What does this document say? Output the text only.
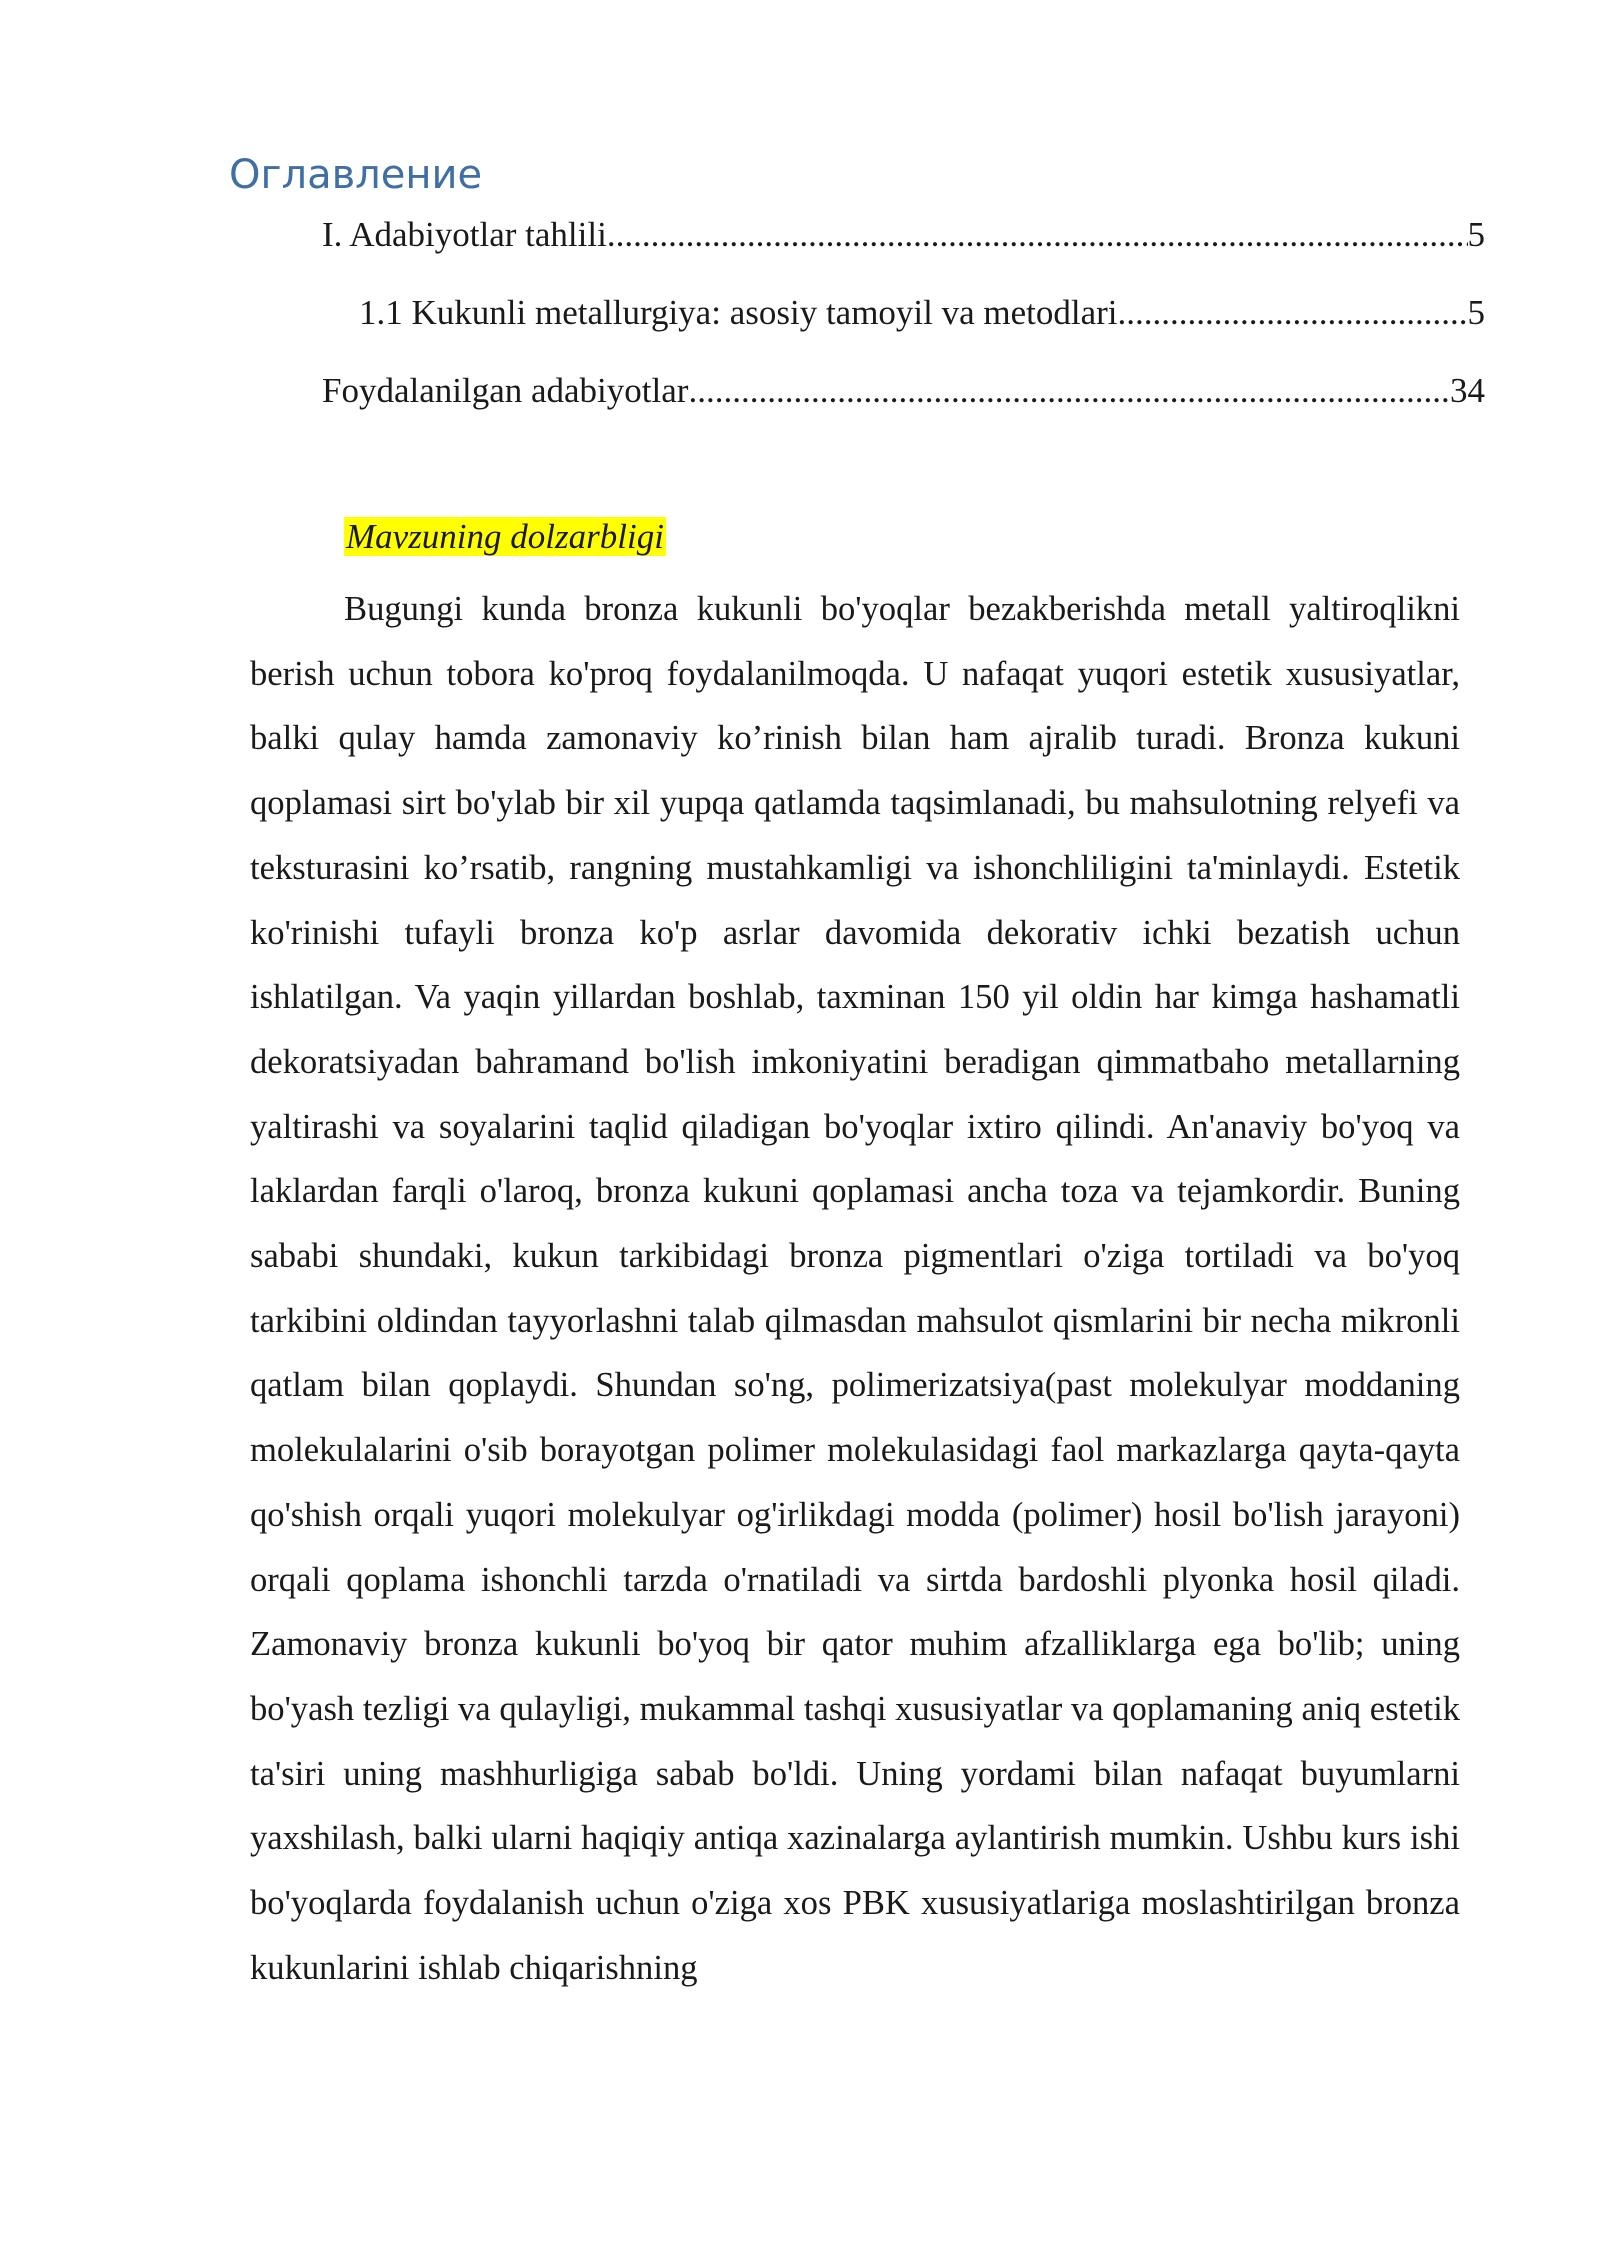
Оглавление
I. Adabiyotlar tahlili .....	5
1.1 Kukunli metallurgiya: asosiy tamoyil va metodlari .....	5
Foydalanilgan adabiyotlar .....	34
Mavzuning dolzarbligi

Bugungi kunda bronza kukunli bo'yoqlar bezakberishda metall yaltiroqlikni berish uchun tobora ko'proq foydalanilmoqda. U nafaqat yuqori estetik xususiyatlar, balki qulay hamda zamonaviy ko’rinish bilan ham ajralib turadi. Bronza kukuni qoplamasi sirt bo'ylab bir xil yupqa qatlamda taqsimlanadi, bu mahsulotning relyefi va teksturasini ko’rsatib, rangning mustahkamligi va ishonchliligini ta'minlaydi. Estetik ko'rinishi tufayli bronza ko'p asrlar davomida dekorativ ichki bezatish uchun ishlatilgan. Va yaqin yillardan boshlab, taxminan 150 yil oldin har kimga hashamatli dekoratsiyadan bahramand bo'lish imkoniyatini beradigan qimmatbaho metallarning yaltirashi va soyalarini taqlid qiladigan bo'yoqlar ixtiro qilindi. An'anaviy bo'yoq va laklardan farqli o'laroq, bronza kukuni qoplamasi ancha toza va tejamkordir. Buning sababi shundaki, kukun tarkibidagi bronza pigmentlari o'ziga tortiladi va bo'yoq tarkibini oldindan tayyorlashni talab qilmasdan mahsulot qismlarini bir necha mikronli qatlam bilan qoplaydi. Shundan so'ng, polimerizatsiya(past molekulyar moddaning molekulalarini o'sib borayotgan polimer molekulasidagi faol markazlarga qayta-qayta qo'shish orqali yuqori molekulyar og'irlikdagi modda (polimer) hosil bo'lish jarayoni) orqali qoplama ishonchli tarzda o'rnatiladi va sirtda bardoshli plyonka hosil qiladi. Zamonaviy bronza kukunli bo'yoq bir qator muhim afzalliklarga ega bo'lib; uning bo'yash tezligi va qulayligi, mukammal tashqi xususiyatlar va qoplamaning aniq estetik ta'siri uning mashhurligiga sabab bo'ldi. Uning yordami bilan nafaqat buyumlarni yaxshilash, balki ularni haqiqiy antiqa xazinalarga aylantirish mumkin. Ushbu kurs ishi bo'yoqlarda foydalanish uchun o'ziga xos PBK xususiyatlariga moslashtirilgan bronza kukunlarini ishlab chiqarishning
